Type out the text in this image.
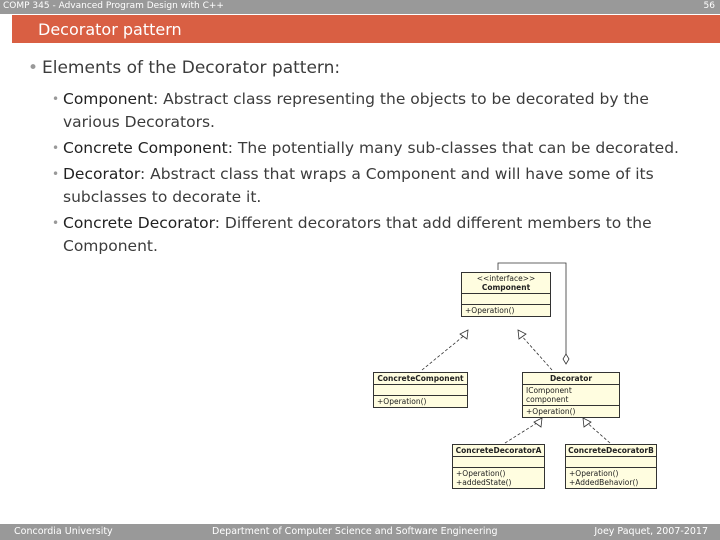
COMP 345 - Advanced Program Design with C++	56
Decorator pattern
• Elements of the Decorator pattern:
• Component: Abstract class representing the objects to be decorated by the various Decorators.
• Concrete Component: The potentially many sub-classes that can be decorated.
• Decorator: Abstract class that wraps a Component and will have some of its subclasses to decorate it.
• Concrete Decorator: Different decorators that add different members to the Component.
<<interface>>
Component
+Operation()
ConcreteComponent
+Operation()
Decorator
IComponent component
+Operation()
ConcreteDecoratorA
+Operation()
+addedState()
ConcreteDecoratorB
+Operation()
+AddedBehavior()
Concordia University	Department of Computer Science and Software Engineering	Joey Paquet, 2007-2017
